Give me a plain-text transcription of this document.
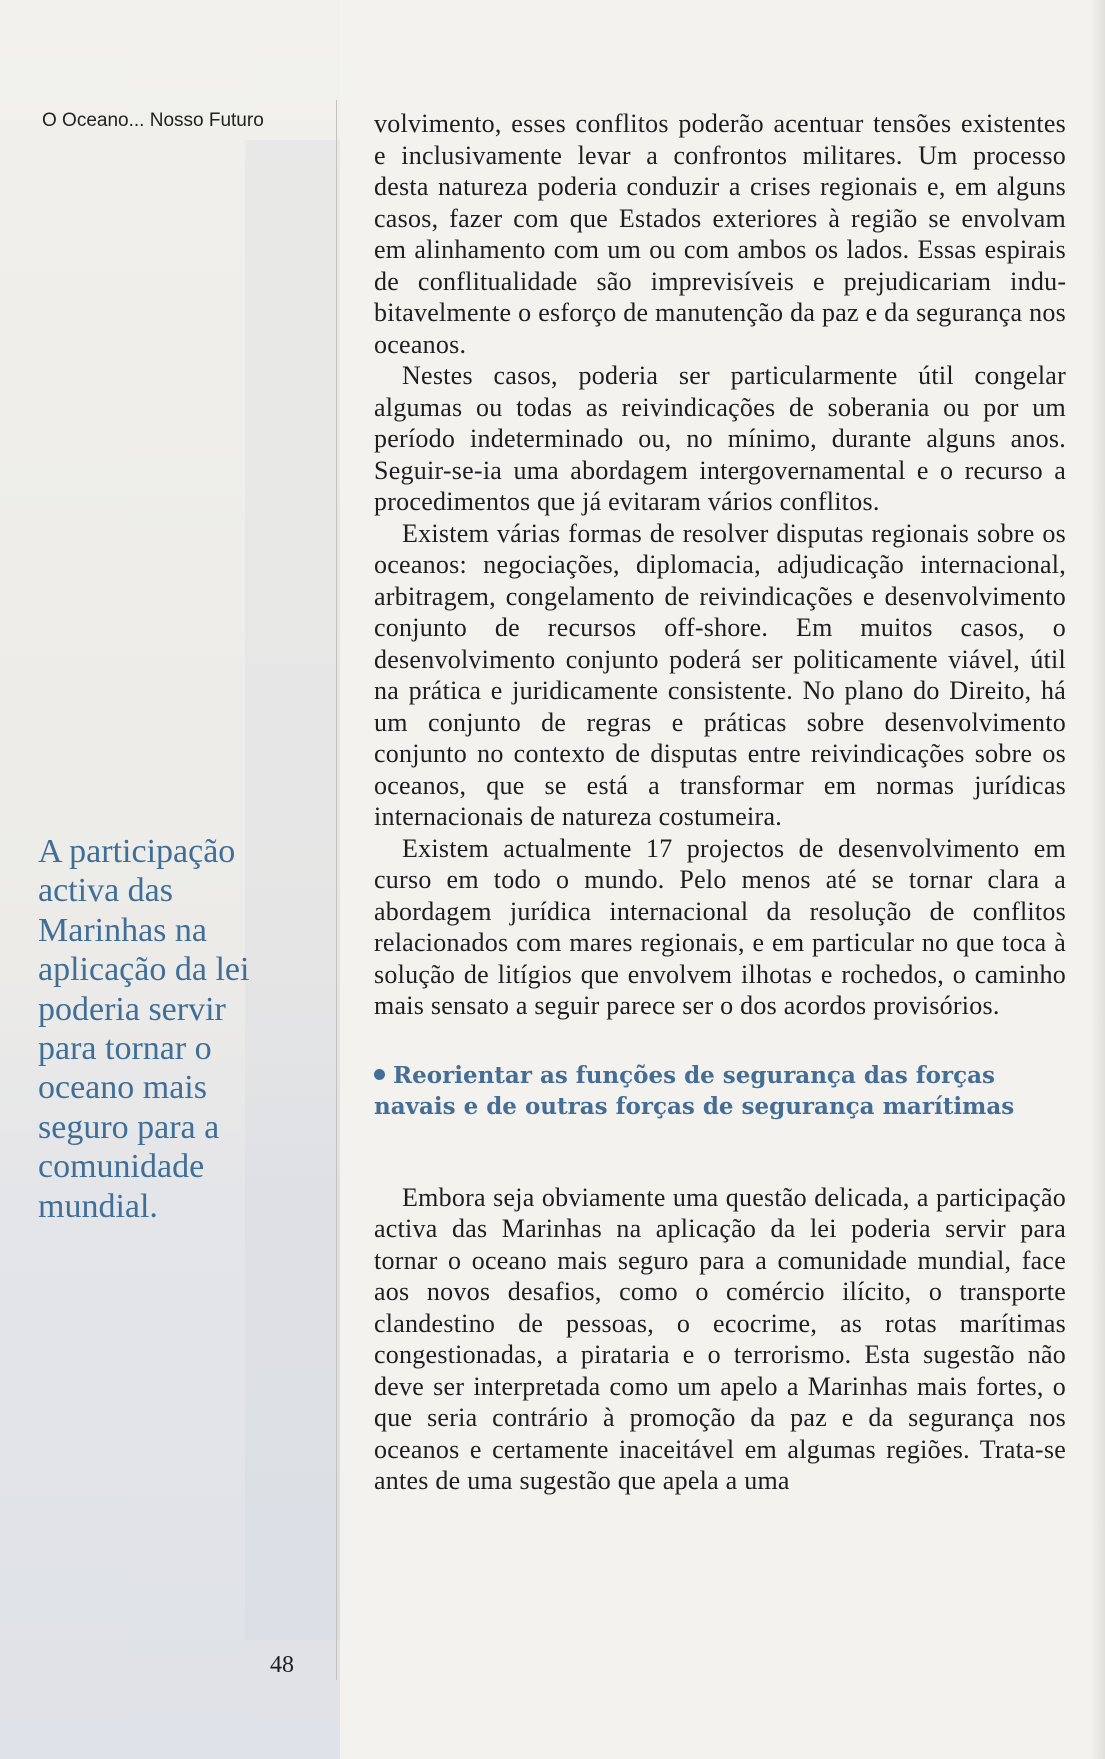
O Oceano... Nosso Futuro
A participação
activa das
Marinhas na
aplicação da lei
poderia servir
para tornar o
oceano mais
seguro para a
comunidade
mundial.
48

volvimento, esses conflitos poderão acentuar tensões existentes e inclusivamente levar a confrontos militares. Um processo desta natureza poderia conduzir a crises regionais e, em alguns casos, fazer com que Estados exteriores à região se envolvam em alinhamento com um ou com ambos os lados. Essas espirais de conflitualidade são imprevisíveis e prejudicariam indubitavelmente o esforço de manutenção da paz e da segurança nos oceanos.

Nestes casos, poderia ser particularmente útil congelar algumas ou todas as reivindicações de soberania ou por um período indeterminado ou, no mínimo, durante alguns anos. Seguir-se-ia uma abordagem intergovernamental e o recurso a procedimentos que já evitaram vários conflitos.

Existem várias formas de resolver disputas regionais sobre os oceanos: negociações, diplomacia, adjudicação internacional, arbitragem, congelamento de reivindicações e desenvolvimento conjunto de recursos off-shore. Em muitos casos, o desenvolvimento conjunto poderá ser politicamente viável, útil na prática e juridicamente consistente. No plano do Direito, há um conjunto de regras e práticas sobre desenvolvimento conjunto no contexto de disputas entre reivindicações sobre os oceanos, que se está a transformar em normas jurídicas internacionais de natureza costumeira.

Existem actualmente 17 projectos de desenvolvimento em curso em todo o mundo. Pelo menos até se tornar clara a abordagem jurídica internacional da resolução de conflitos relacionados com mares regionais, e em particular no que toca à solução de litígios que envolvem ilhotas e rochedos, o caminho mais sensato a seguir parece ser o dos acordos provisórios.

Reorientar as funções de segurança das forças navais e de outras forças de segurança marítimas

Embora seja obviamente uma questão delicada, a participação activa das Marinhas na aplicação da lei poderia servir para tornar o oceano mais seguro para a comunidade mundial, face aos novos desafios, como o comércio ilícito, o transporte clandestino de pessoas, o ecocrime, as rotas marítimas congestionadas, a pirataria e o terrorismo. Esta sugestão não deve ser interpretada como um apelo a Marinhas mais fortes, o que seria contrário à promoção da paz e da segurança nos oceanos e certamente inaceitável em algumas regiões. Trata-se antes de uma sugestão que apela a uma
